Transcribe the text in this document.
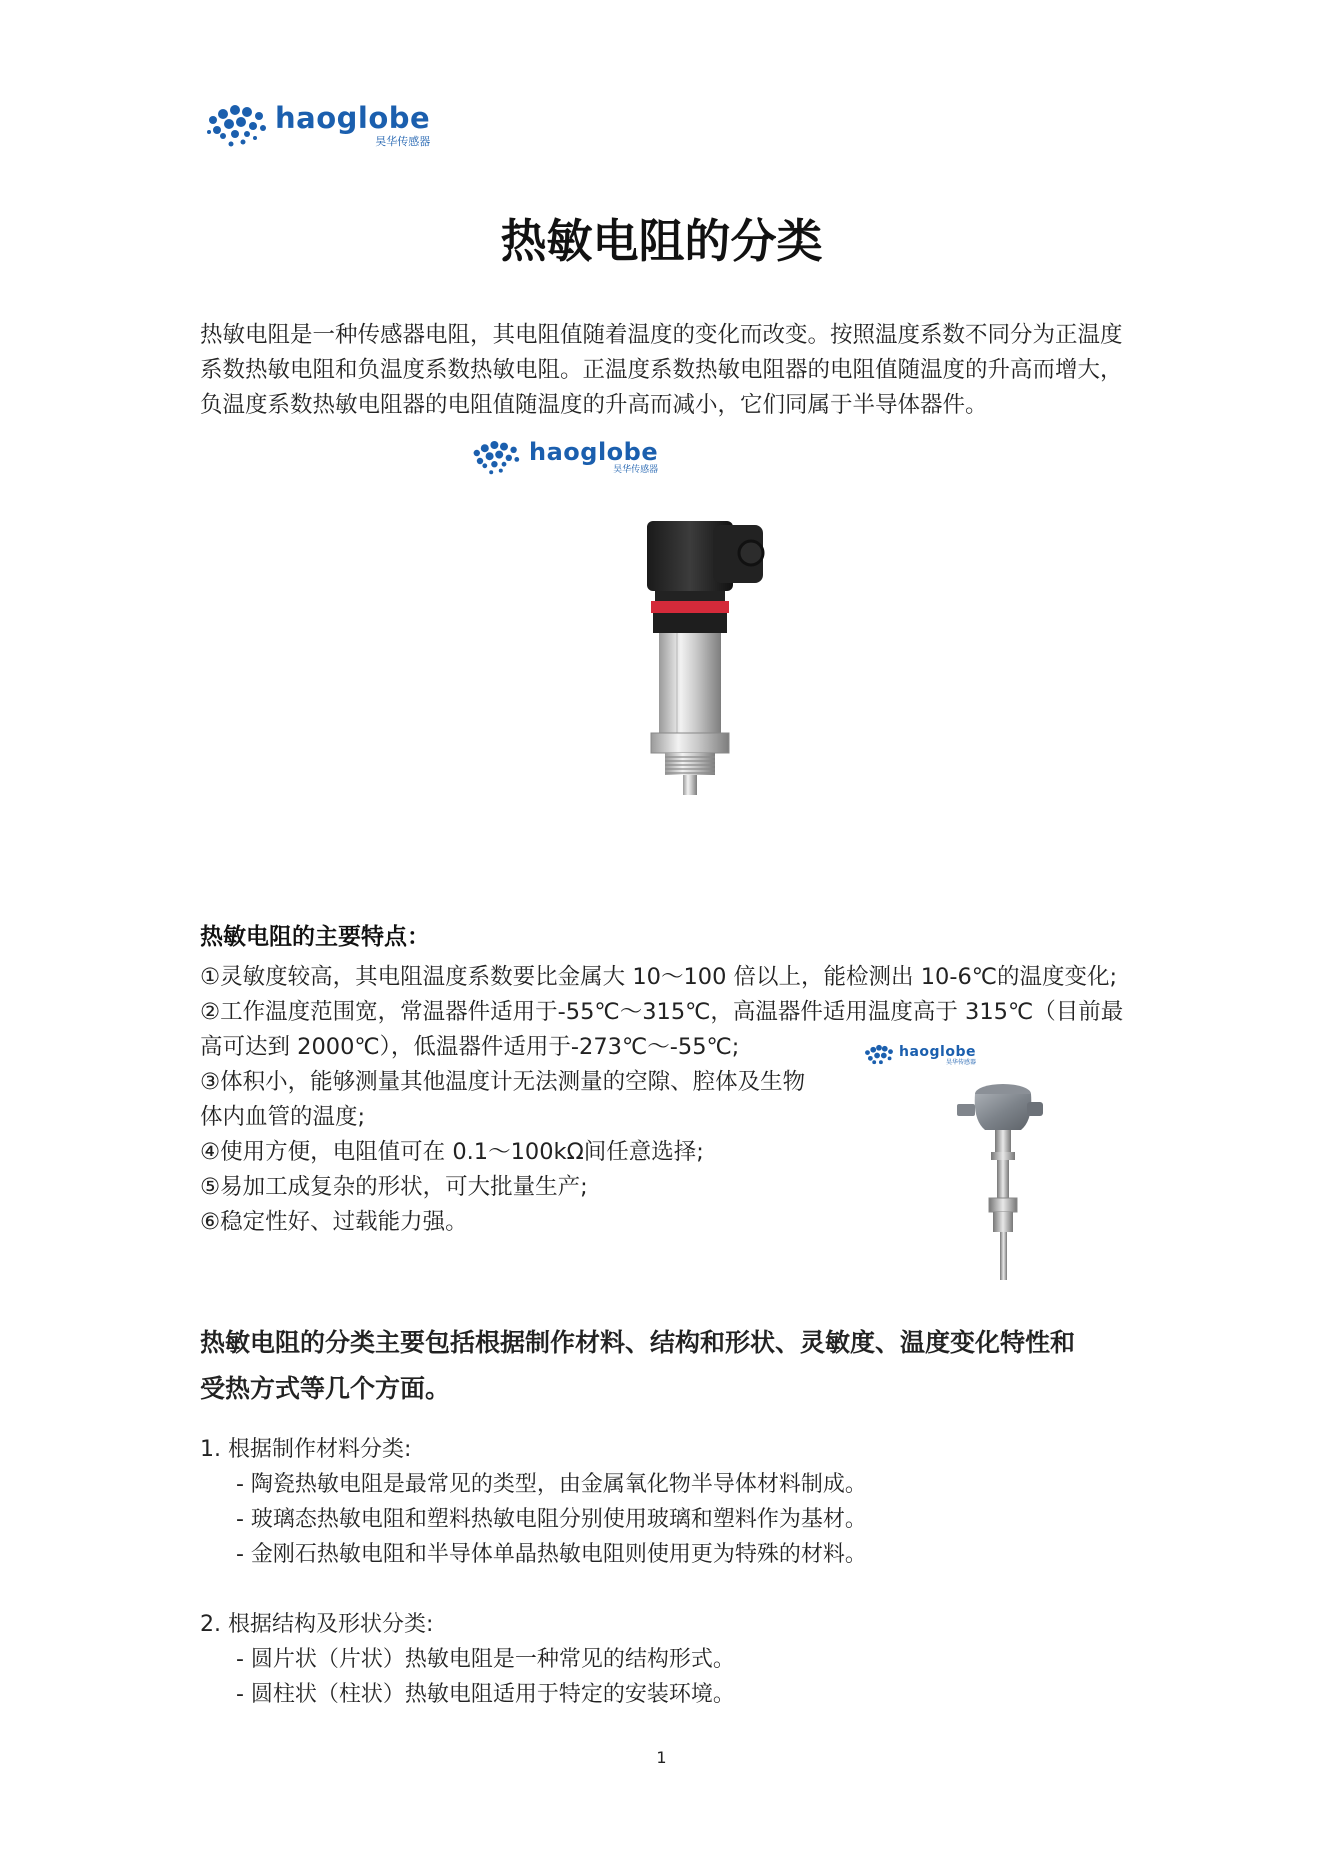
haoglobe
昊华传感器
热敏电阻的分类

热敏电阻是一种传感器电阻，其电阻值随着温度的变化而改变。按照温度系数不同分为正温度系数热敏电阻和负温度系数热敏电阻。正温度系数热敏电阻器的电阻值随温度的升高而增大，负温度系数热敏电阻器的电阻值随温度的升高而减小，它们同属于半导体器件。

haoglobe
昊华传感器
热敏电阻的主要特点：
①灵敏度较高，其电阻温度系数要比金属大 10～100 倍以上，能检测出 10-6℃的温度变化;
②工作温度范围宽，常温器件适用于-55℃～315℃，高温器件适用温度高于 315℃（目前最
高可达到 2000℃），低温器件适用于-273℃～-55℃;
③体积小，能够测量其他温度计无法测量的空隙、腔体及生物
体内血管的温度;
④使用方便，电阻值可在 0.1～100kΩ间任意选择;
⑤易加工成复杂的形状，可大批量生产;
⑥稳定性好、过载能力强。
haoglobe
昊华传感器
热敏电阻的分类主要包括根据制作材料、结构和形状、灵敏度、温度变化特性和
受热方式等几个方面。
1. 根据制作材料分类:
- 陶瓷热敏电阻是最常见的类型，由金属氧化物半导体材料制成。
- 玻璃态热敏电阻和塑料热敏电阻分别使用玻璃和塑料作为基材。
- 金刚石热敏电阻和半导体单晶热敏电阻则使用更为特殊的材料。
2. 根据结构及形状分类:
- 圆片状（片状）热敏电阻是一种常见的结构形式。
- 圆柱状（柱状）热敏电阻适用于特定的安装环境。
1
